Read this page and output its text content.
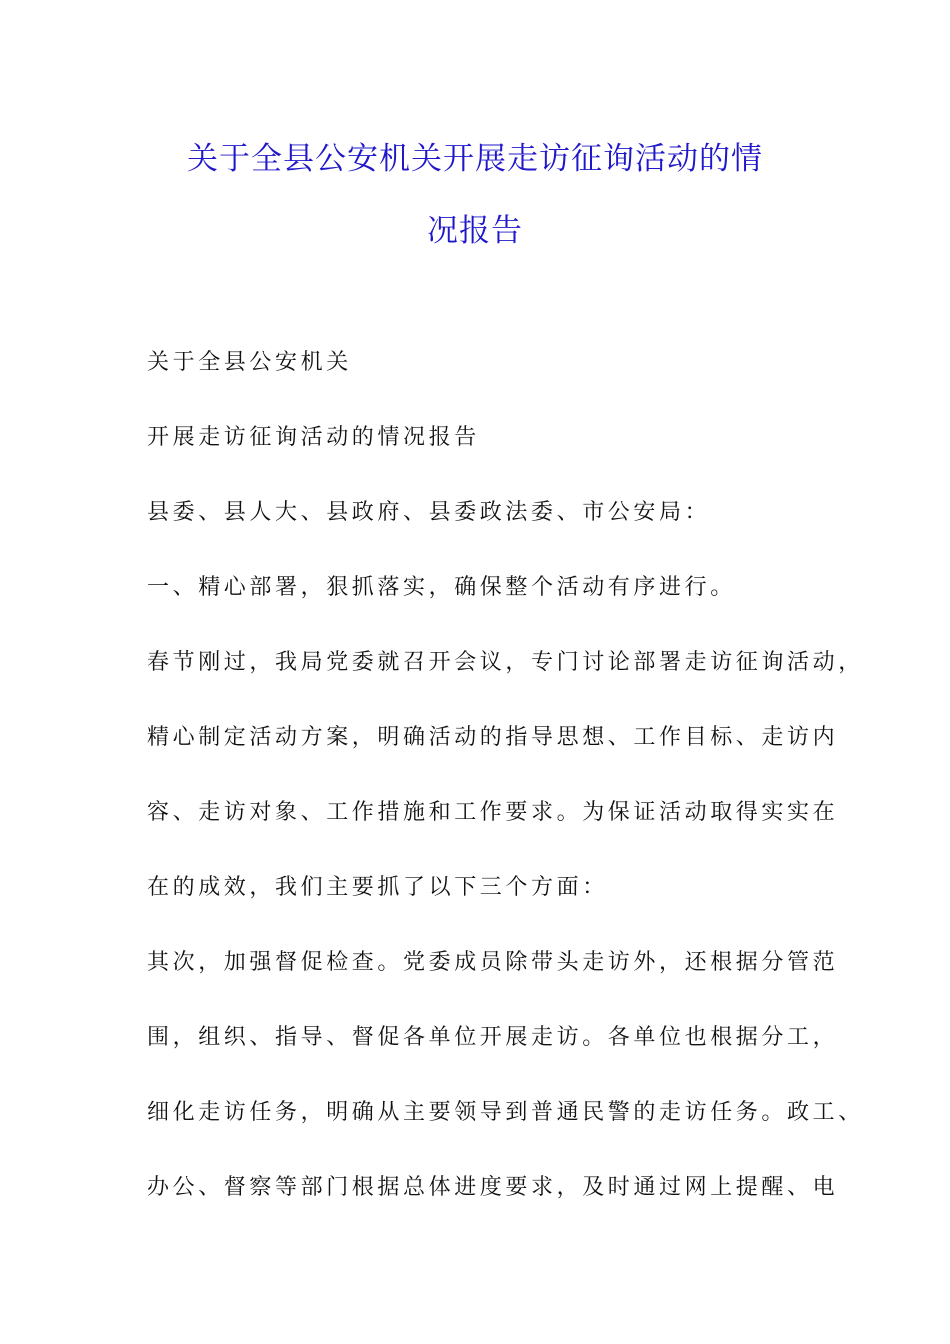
关于全县公安机关开展走访征询活动的情
况报告
关于全县公安机关
开展走访征询活动的情况报告
县委、县人大、县政府、县委政法委、市公安局：
一、精心部署，狠抓落实，确保整个活动有序进行。
春节刚过，我局党委就召开会议，专门讨论部署走访征询活动，
精心制定活动方案，明确活动的指导思想、工作目标、走访内
容、走访对象、工作措施和工作要求。为保证活动取得实实在
在的成效，我们主要抓了以下三个方面：
其次，加强督促检查。党委成员除带头走访外，还根据分管范
围，组织、指导、督促各单位开展走访。各单位也根据分工，
细化走访任务，明确从主要领导到普通民警的走访任务。政工、
办公、督察等部门根据总体进度要求，及时通过网上提醒、电
